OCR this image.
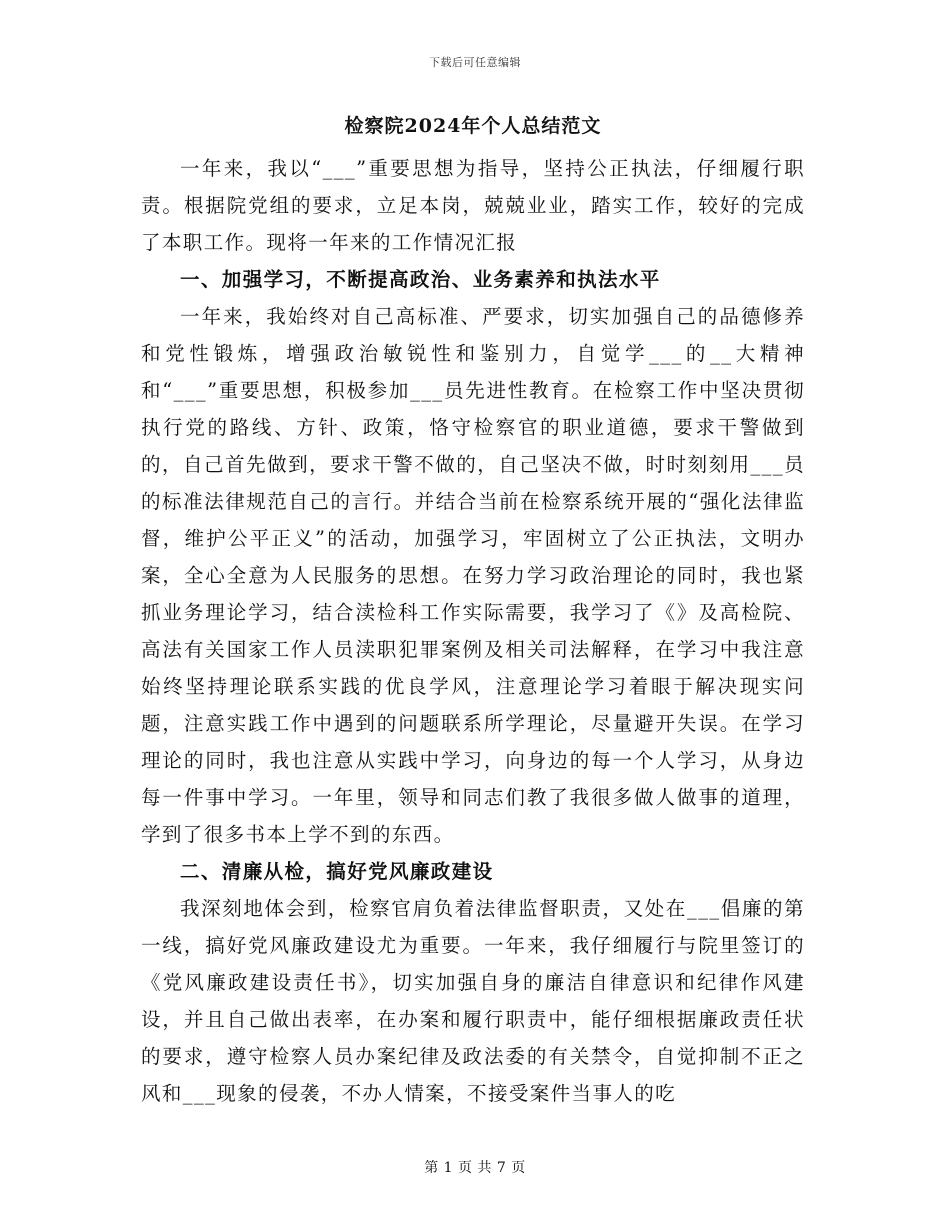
下载后可任意编辑
检察院2024年个人总结范文

一年来，我以“___”重要思想为指导，坚持公正执法，仔细履行职责。根据院党组的要求，立足本岗，兢兢业业，踏实工作，较好的完成了本职工作。现将一年来的工作情况汇报

一、加强学习，不断提高政治、业务素养和执法水平

一年来，我始终对自己高标准、严要求，切实加强自己的品德修养和党性锻炼，增强政治敏锐性和鉴别力，自觉学___的__大精神和“___”重要思想，积极参加___员先进性教育。在检察工作中坚决贯彻执行党的路线、方针、政策，恪守检察官的职业道德，要求干警做到的，自己首先做到，要求干警不做的，自己坚决不做，时时刻刻用___员的标准法律规范自己的言行。并结合当前在检察系统开展的“强化法律监督，维护公平正义”的活动，加强学习，牢固树立了公正执法，文明办案，全心全意为人民服务的思想。在努力学习政治理论的同时，我也紧抓业务理论学习，结合渎检科工作实际需要，我学习了《》及高检院、高法有关国家工作人员渎职犯罪案例及相关司法解释，在学习中我注意始终坚持理论联系实践的优良学风，注意理论学习着眼于解决现实问题，注意实践工作中遇到的问题联系所学理论，尽量避开失误。在学习理论的同时，我也注意从实践中学习，向身边的每一个人学习，从身边每一件事中学习。一年里，领导和同志们教了我很多做人做事的道理，学到了很多书本上学不到的东西。

二、清廉从检，搞好党风廉政建设

我深刻地体会到，检察官肩负着法律监督职责，又处在___倡廉的第一线，搞好党风廉政建设尤为重要。一年来，我仔细履行与院里签订的《党风廉政建设责任书》，切实加强自身的廉洁自律意识和纪律作风建设，并且自己做出表率，在办案和履行职责中，能仔细根据廉政责任状的要求，遵守检察人员办案纪律及政法委的有关禁令，自觉抑制不正之风和___现象的侵袭，不办人情案，不接受案件当事人的吃

第 1 页 共 7 页
